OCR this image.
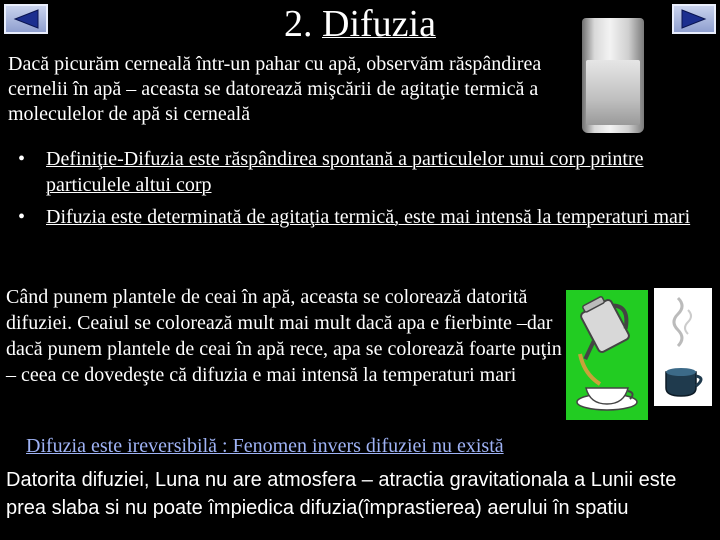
2. Difuzia
Dacă picurăm cerneală într-un pahar cu apă, observăm răspândirea cernelii în apă – aceasta se datorează mişcării de agitaţie termică a moleculelor de apă si cerneală
• Definiţie-Difuzia este răspândirea spontană a particulelor unui corp printre particulele altui corp
• Difuzia este determinată de agitaţia termică, este mai intensă la temperaturi mari
Când punem plantele de ceai în apă, aceasta se colorează datorită difuziei. Ceaiul se colorează mult mai mult dacă apa e fierbinte –dar dacă punem plantele de ceai în apă rece, apa se colorează foarte puţin – ceea ce dovedeşte că difuzia e mai intensă la temperaturi mari
Difuzia este ireversibilă : Fenomen invers difuziei nu există
Datorita difuziei, Luna nu are atmosfera – atractia gravitationala a Lunii este prea slaba si nu poate împiedica difuzia(împrastierea) aerului în spatiu
